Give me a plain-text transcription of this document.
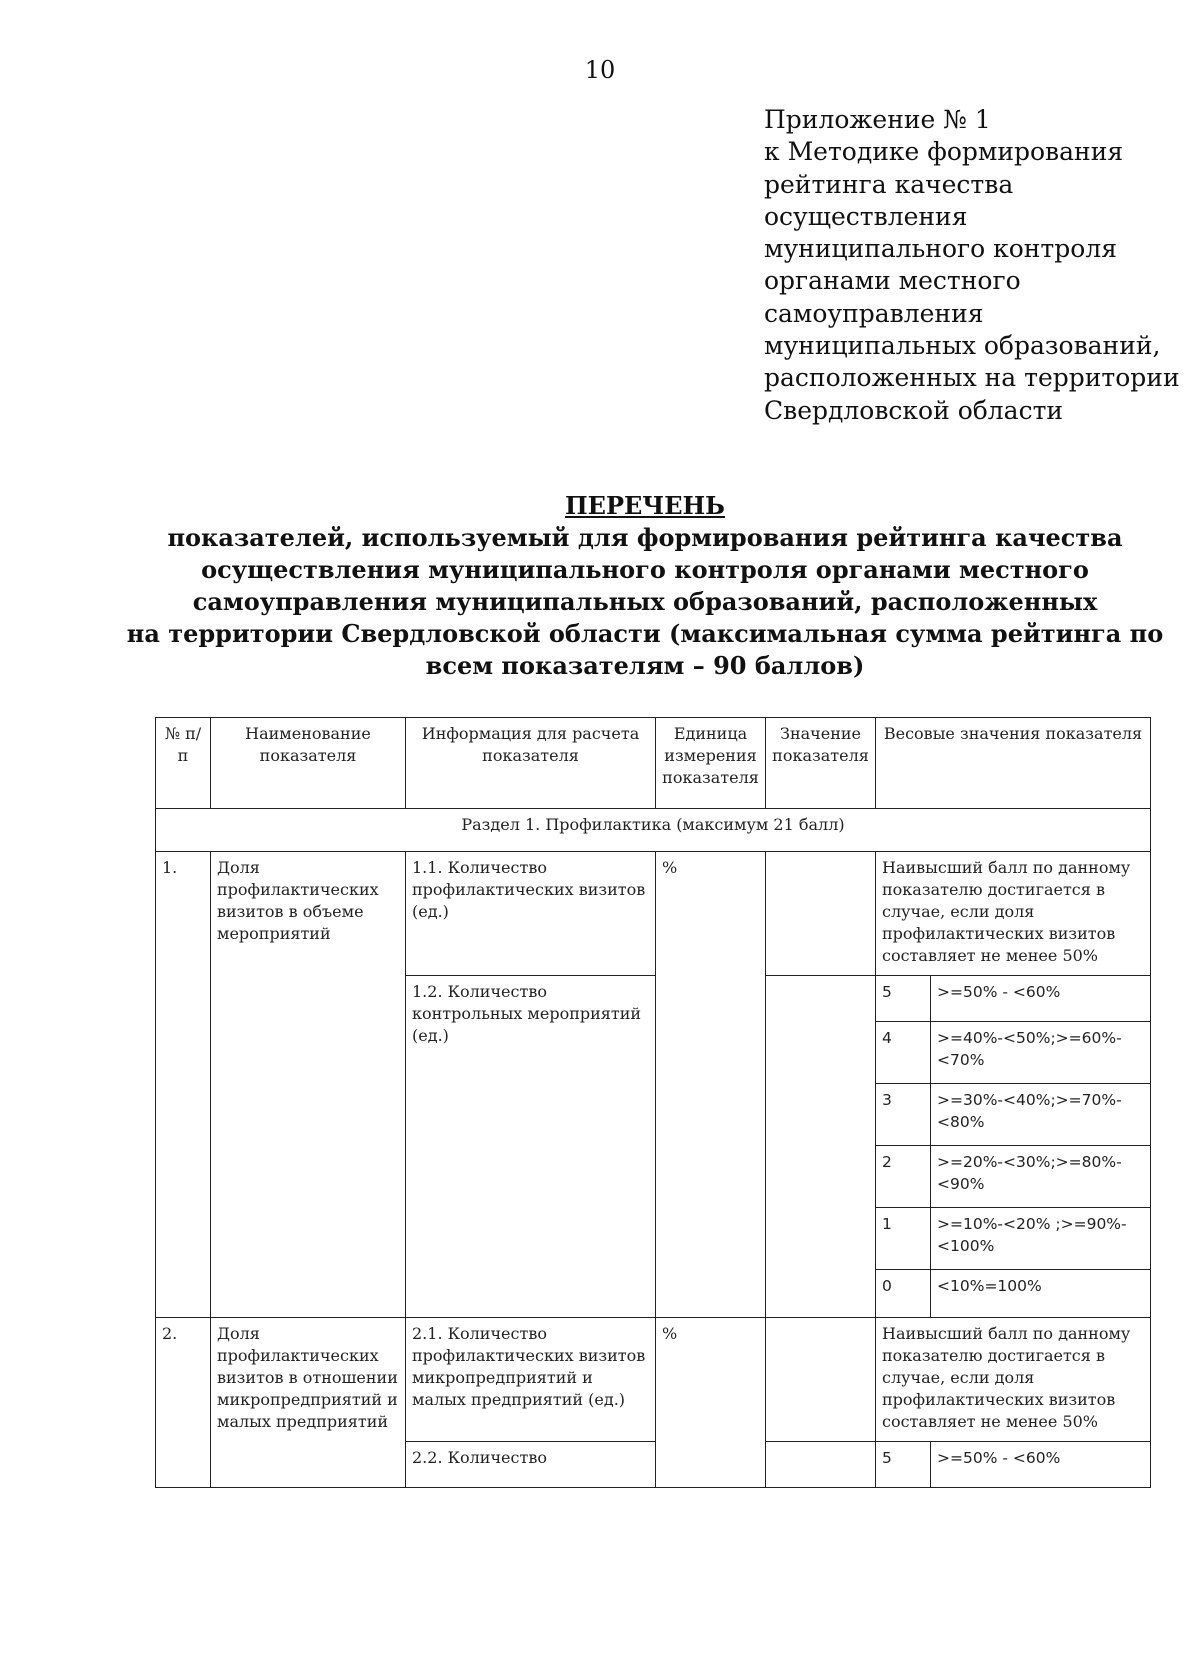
10
Приложение № 1
к Методике формирования
рейтинга качества
осуществления
муниципального контроля
органами местного
самоуправления
муниципальных образований,
расположенных на территории
Свердловской области
ПЕРЕЧЕНЬ
показателей, используемый для формирования рейтинга качества
осуществления муниципального контроля органами местного
самоуправления муниципальных образований, расположенных
на территории Свердловской области (максимальная сумма рейтинга по
всем показателям – 90 баллов)
№ п/п	Наименование показателя	Информация для расчета показателя	Единица измерения показателя	Значение показателя	Весовые значения показателя	
Раздел 1. Профилактика (максимум 21 балл)						
1.	Доля профилактических визитов в объеме мероприятий	1.1. Количество профилактических визитов (ед.)	%		Наивысший балл по данному показателю достигается в случае, если доля профилактических визитов составляет не менее 50%	
		1.2. Количество контрольных мероприятий (ед.)			5	>=50% - <60%
					4	>=40%-<50%;>=60%-<70%
					3	>=30%-<40%;>=70%-<80%
					2	>=20%-<30%;>=80%-<90%
					1	>=10%-<20% ;>=90%-<100%
					0	<10%=100%
2.	Доля профилактических визитов в отношении микропредприятий и малых предприятий	2.1. Количество профилактических визитов микропредприятий и малых предприятий (ед.)	%		Наивысший балл по данному показателю достигается в случае, если доля профилактических визитов составляет не менее 50%	
		2.2. Количество			5	>=50% - <60%
